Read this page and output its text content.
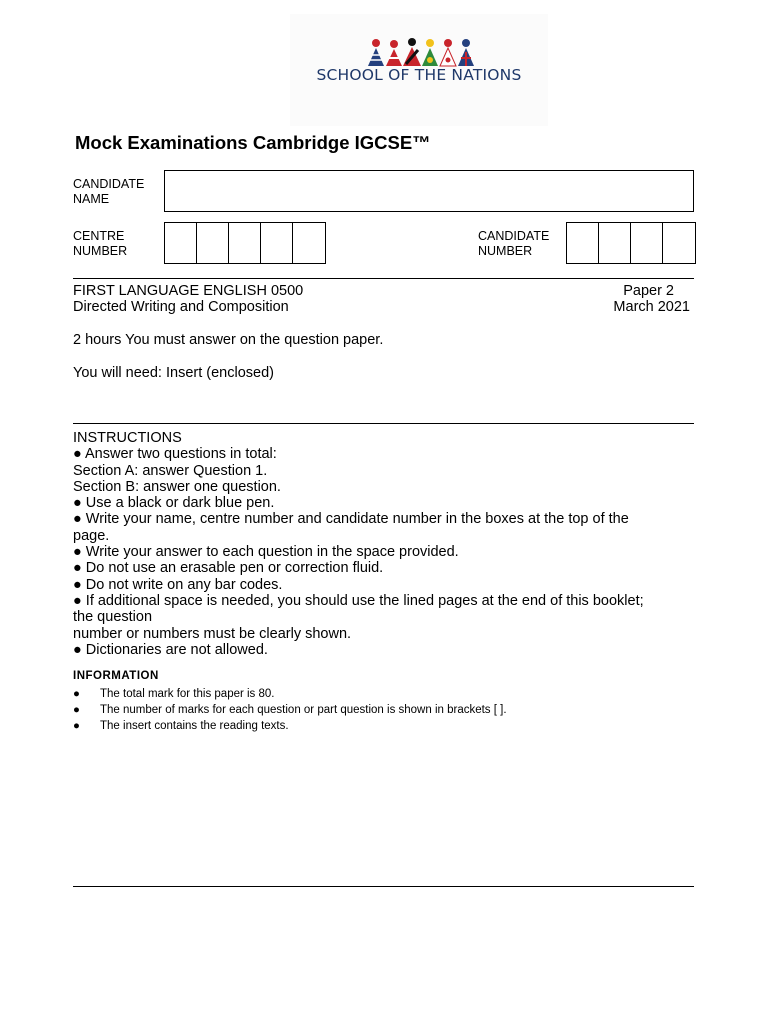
SCHOOL OF THE NATIONS
Mock Examinations Cambridge IGCSE™
CANDIDATE
NAME
CENTRE
NUMBER
CANDIDATE
NUMBER
FIRST LANGUAGE ENGLISH 0500	Paper 2
Directed Writing and Composition	March 2021
2 hours You must answer on the question paper.
You will need: Insert (enclosed)
INSTRUCTIONS
● Answer two questions in total:
Section A: answer Question 1.
Section B: answer one question.
● Use a black or dark blue pen.
● Write your name, centre number and candidate number in the boxes at the top of the
page.
● Write your answer to each question in the space provided.
● Do not use an erasable pen or correction fluid.
● Do not write on any bar codes.
● If additional space is needed, you should use the lined pages at the end of this booklet;
the question
number or numbers must be clearly shown.
● Dictionaries are not allowed.
INFORMATION
●	The total mark for this paper is 80.
●	The number of marks for each question or part question is shown in brackets [ ].
●	The insert contains the reading texts.
